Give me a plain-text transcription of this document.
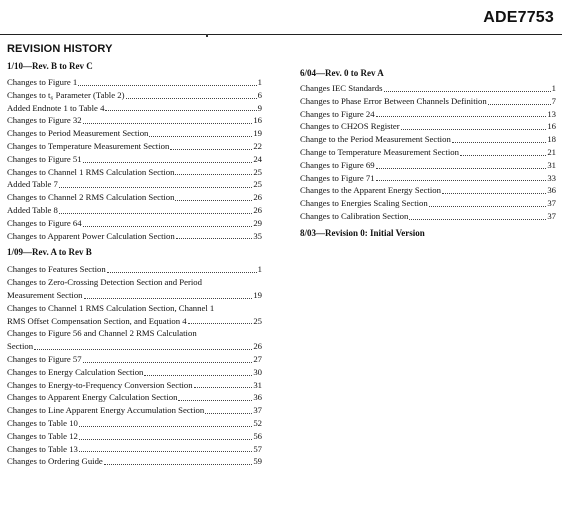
ADE7753
REVISION HISTORY
1/10—Rev. B to Rev C
Changes to Figure 1	1
Changes to t₆ Parameter (Table 2)	6
Added Endnote 1 to Table 4	9
Changes to Figure 32	16
Changes to Period Measurement Section	19
Changes to Temperature Measurement Section	22
Changes to Figure 51	24
Changes to Channel 1 RMS Calculation Section	25
Added Table 7	25
Changes to Channel 2 RMS Calculation Section	26
Added Table 8	26
Changes to Figure 64	29
Changes to Apparent Power Calculation Section	35
1/09—Rev. A to Rev B
Changes to Features Section	1
Changes to Zero-Crossing Detection Section and Period
Measurement Section	19
Changes to Channel 1 RMS Calculation Section, Channel 1
RMS Offset Compensation Section, and Equation 4	25
Changes to Figure 56 and Channel 2 RMS Calculation
Section	26
Changes to Figure 57	27
Changes to Energy Calculation Section	30
Changes to Energy-to-Frequency Conversion Section	31
Changes to Apparent Energy Calculation Section	36
Changes to Line Apparent Energy Accumulation Section	37
Changes to Table 10	52
Changes to Table 12	56
Changes to Table 13	57
Changes to Ordering Guide	59
6/04—Rev. 0 to Rev A
Changes IEC Standards	1
Changes to Phase Error Between Channels Definition	7
Changes to Figure 24	13
Changes to CH2OS Register	16
Change to the Period Measurement Section	18
Change to Temperature Measurement Section	21
Changes to Figure 69	31
Changes to Figure 71	33
Changes to the Apparent Energy Section	36
Changes to Energies Scaling Section	37
Changes to Calibration Section	37
8/03—Revision 0: Initial Version
